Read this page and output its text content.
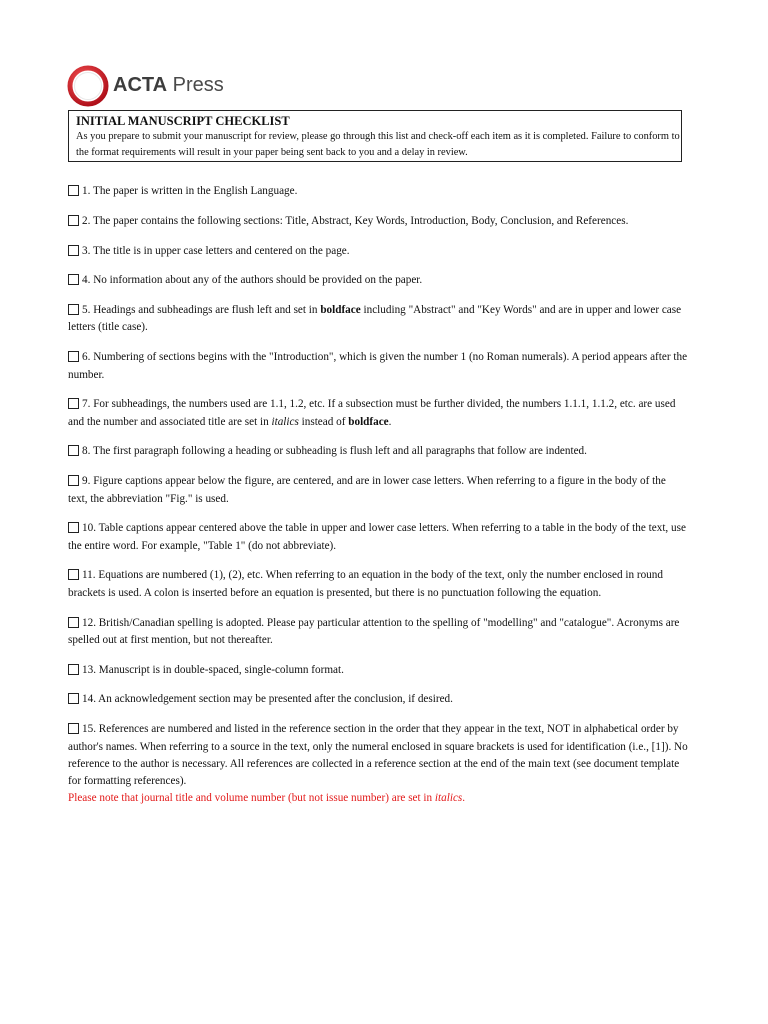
ACTA Press

INITIAL MANUSCRIPT CHECKLIST

As you prepare to submit your manuscript for review, please go through this list and check-off each item as it is completed. Failure to conform to the format requirements will result in your paper being sent back to you and a delay in review.

1. The paper is written in the English Language.

2. The paper contains the following sections: Title, Abstract, Key Words, Introduction, Body, Conclusion, and References.

3. The title is in upper case letters and centered on the page.

4. No information about any of the authors should be provided on the paper.

5. Headings and subheadings are flush left and set in boldface including "Abstract" and "Key Words" and are in upper and lower case letters (title case).

6. Numbering of sections begins with the "Introduction", which is given the number 1 (no Roman numerals). A period appears after the number.

7. For subheadings, the numbers used are 1.1, 1.2, etc. If a subsection must be further divided, the numbers 1.1.1, 1.1.2, etc. are used and the number and associated title are set in italics instead of boldface.

8. The first paragraph following a heading or subheading is flush left and all paragraphs that follow are indented.

9. Figure captions appear below the figure, are centered, and are in lower case letters. When referring to a figure in the body of the text, the abbreviation "Fig." is used.

10. Table captions appear centered above the table in upper and lower case letters. When referring to a table in the body of the text, use the entire word. For example, "Table 1" (do not abbreviate).

11. Equations are numbered (1), (2), etc. When referring to an equation in the body of the text, only the number enclosed in round brackets is used. A colon is inserted before an equation is presented, but there is no punctuation following the equation.

12. British/Canadian spelling is adopted. Please pay particular attention to the spelling of "modelling" and "catalogue". Acronyms are spelled out at first mention, but not thereafter.

13. Manuscript is in double-spaced, single-column format.

14. An acknowledgement section may be presented after the conclusion, if desired.

15. References are numbered and listed in the reference section in the order that they appear in the text, NOT in alphabetical order by author's names. When referring to a source in the text, only the numeral enclosed in square brackets is used for identification (i.e., [1]). No reference to the author is necessary. All references are collected in a reference section at the end of the main text (see document template for formatting references).
Please note that journal title and volume number (but not issue number) are set in italics.
